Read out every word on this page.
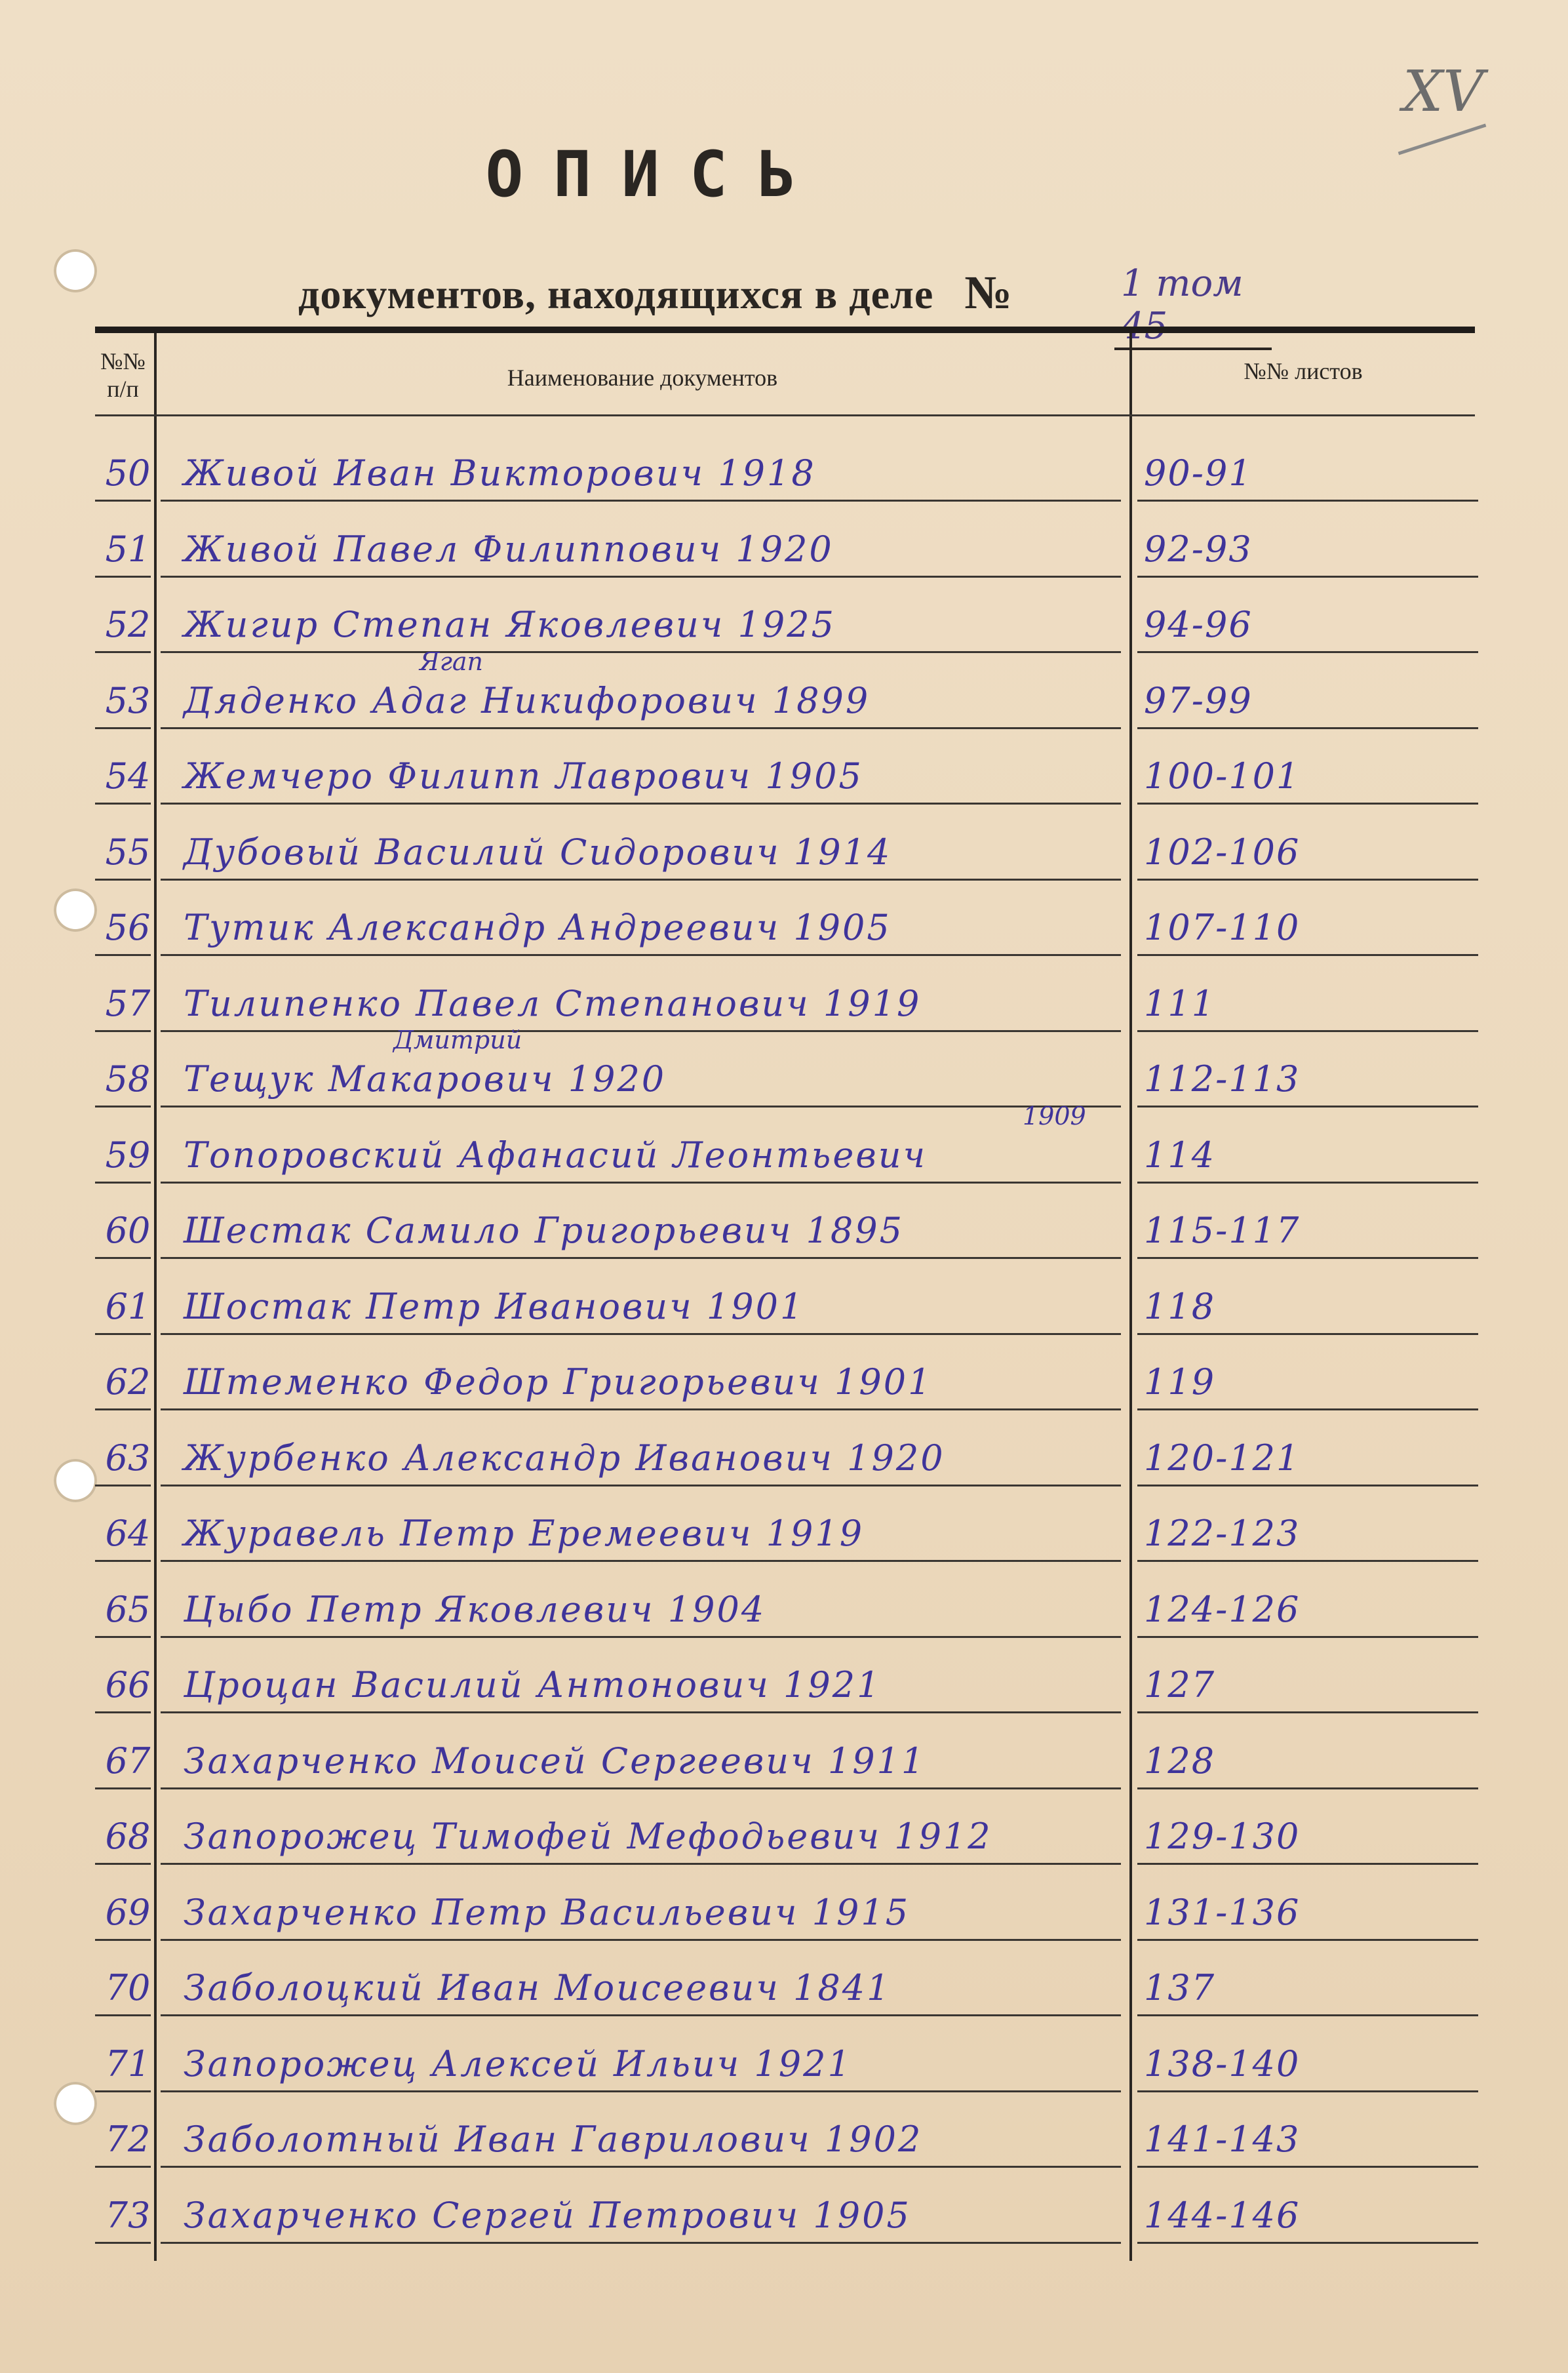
XV
ОПИСЬ
документов, находящихся в деле №	1 том
№№ п/п	Наименование документов	№№ листов
50 Живой Иван Викторович 1918	90-91
51 Живой Павел Филиппович 1920	92-93
52 Жигир Степан Яковлевич 1925	94-96
53 Дяденко Адаг Никифорович 1899	97-99
54 Жемчеро Филипп Лаврович 1905	100-101
55 Дубовый Василий Сидорович 1914	102-106
56 Тутик Александр Андреевич 1905	107-110
57 Тилипенко Павел Степанович 1919	111
58 Тещук Макарович 1920	112-113
59 Топоровский Афанасий Леонтьевич	114
60 Шестак Самило Григорьевич 1895	115-117
61 Шостак Петр Иванович 1901	118
62 Штеменко Федор Григорьевич 1901	119
63 Журбенко Александр Иванович 1920	120-121
64 Журавель Петр Еремеевич 1919	122-123
65 Цыбо Петр Яковлевич 1904	124-126
66 Цроцан Василий Антонович 1921	127
67 Захарченко Моисей Сергеевич 1911	128
68 Запорожец Тимофей Мефодьевич 1912	129-130
69 Захарченко Петр Васильевич 1915	131-136
70 Заболоцкий Иван Моисеевич 1841	137
71 Запорожец Алексей Ильич 1921	138-140
72 Заболотный Иван Гаврилович 1902	141-143
73 Захарченко Сергей Петрович 1905	144-146
Ягап
Дмитрий
1909
